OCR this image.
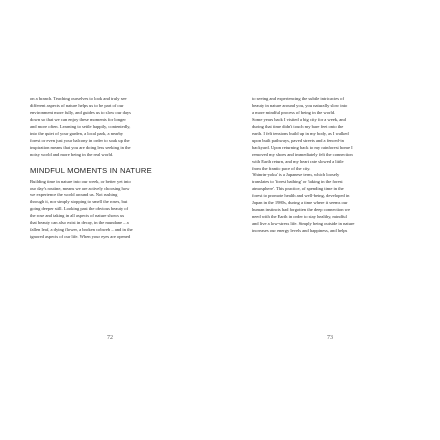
on a branch. Teaching ourselves to look and truly see

different aspects of nature helps us to be part of our

environment more fully, and guides us to slow our days

down so that we can enjoy these moments for longer

and more often. Learning to settle happily, contentedly,

into the quiet of your garden, a local park, a nearby

forest or even just your balcony in order to soak up the

inspiration means that you are doing less seeking in the

noisy world and more being in the real world.

MINDFUL MOMENTS IN NATURE

Building time in nature into our week, or better yet into

our day's routine, means we are actively choosing how

we experience the world around us. Not rushing

through it, nor simply stopping to smell the roses, but

going deeper still. Looking past the obvious beauty of

the rose and taking in all aspects of nature shows us

that beauty can also exist in decay, in the mundane – a

fallen leaf, a dying flower, a broken cobweb – and in the

ignored aspects of our life. When your eyes are opened

72

to seeing and experiencing the subtle intricacies of

beauty in nature around you, you naturally slow into

a more mindful process of being in the world.

Some years back I visited a big city for a week, and

during that time didn't touch my bare feet onto the

earth. I felt tensions build up in my body, as I walked

upon built pathways, paved streets and a fenced-in

backyard. Upon returning back to my rainforest home I

removed my shoes and immediately felt the connection

with Earth return, and my heart rate slowed a little

from the frantic pace of the city.

'Shinrin-yoku' is a Japanese term, which loosely

translates to 'forest bathing' or 'taking in the forest

atmosphere'. This practice, of spending time in the

forest to promote health and well-being, developed in

Japan in the 1980s, during a time where it seems our

human instincts had forgotten the deep connection we

need with the Earth in order to stay healthy, mindful

and live a low-stress life. Simply being outside in nature

increases our energy levels and happiness, and helps

73
